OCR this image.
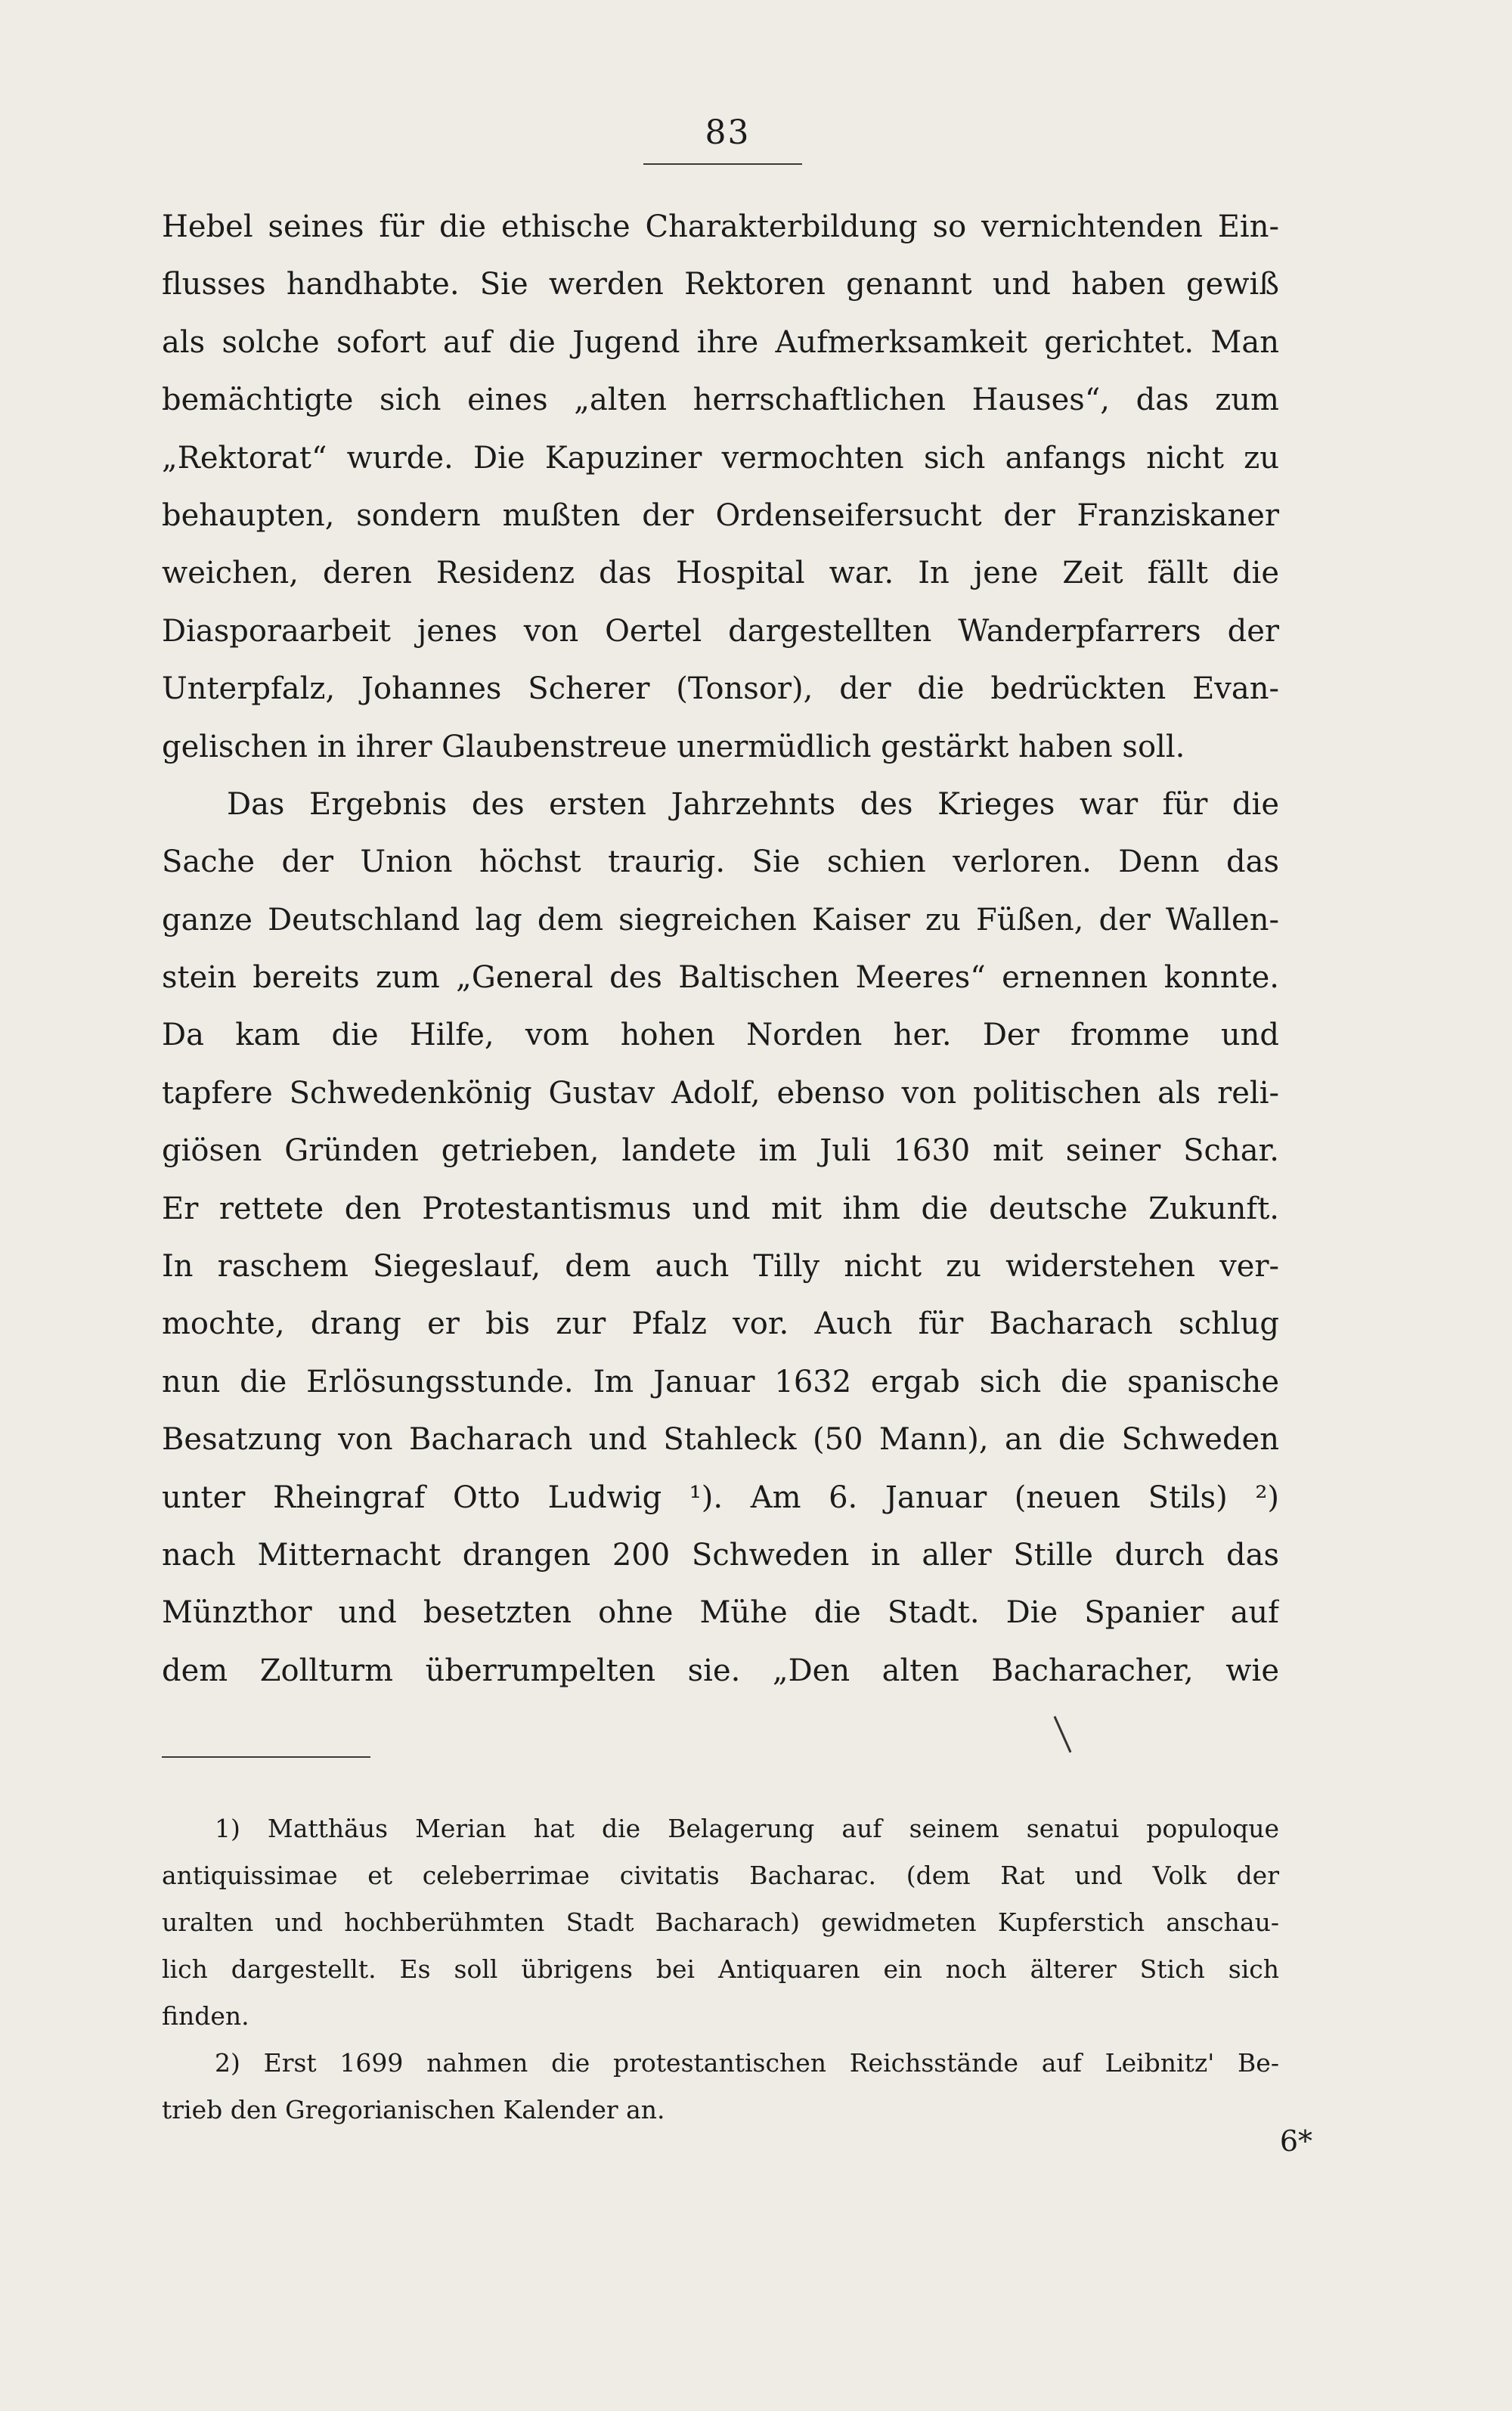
83
Hebel seines für die ethische Charakterbildung so vernichtenden Ein-
flusses handhabte. Sie werden Rektoren genannt und haben gewiß
als solche sofort auf die Jugend ihre Aufmerksamkeit gerichtet. Man
bemächtigte sich eines „alten herrschaftlichen Hauses“, das zum
„Rektorat“ wurde. Die Kapuziner vermochten sich anfangs nicht zu
behaupten, sondern mußten der Ordenseifersucht der Franziskaner
weichen, deren Residenz das Hospital war. In jene Zeit fällt die
Diasporaarbeit jenes von Oertel dargestellten Wanderpfarrers der
Unterpfalz, Johannes Scherer (Tonsor), der die bedrückten Evan-
gelischen in ihrer Glaubenstreue unermüdlich gestärkt haben soll.
Das Ergebnis des ersten Jahrzehnts des Krieges war für die
Sache der Union höchst traurig. Sie schien verloren. Denn das
ganze Deutschland lag dem siegreichen Kaiser zu Füßen, der Wallen-
stein bereits zum „General des Baltischen Meeres“ ernennen konnte.
Da kam die Hilfe, vom hohen Norden her. Der fromme und
tapfere Schwedenkönig Gustav Adolf, ebenso von politischen als reli-
giösen Gründen getrieben, landete im Juli 1630 mit seiner Schar.
Er rettete den Protestantismus und mit ihm die deutsche Zukunft.
In raschem Siegeslauf, dem auch Tilly nicht zu widerstehen ver-
mochte, drang er bis zur Pfalz vor. Auch für Bacharach schlug
nun die Erlösungsstunde. Im Januar 1632 ergab sich die spanische
Besatzung von Bacharach und Stahleck (50 Mann), an die Schweden
unter Rheingraf Otto Ludwig ¹). Am 6. Januar (neuen Stils) ²)
nach Mitternacht drangen 200 Schweden in aller Stille durch das
Münzthor und besetzten ohne Mühe die Stadt. Die Spanier auf
dem Zollturm überrumpelten sie. „Den alten Bacharacher, wie
1) Matthäus Merian hat die Belagerung auf seinem senatui populoque
antiquissimae et celeberrimae civitatis Bacharac. (dem Rat und Volk der
uralten und hochberühmten Stadt Bacharach) gewidmeten Kupferstich anschau-
lich dargestellt. Es soll übrigens bei Antiquaren ein noch älterer Stich sich
finden.
2) Erst 1699 nahmen die protestantischen Reichsstände auf Leibnitz' Be-
trieb den Gregorianischen Kalender an.
6*
